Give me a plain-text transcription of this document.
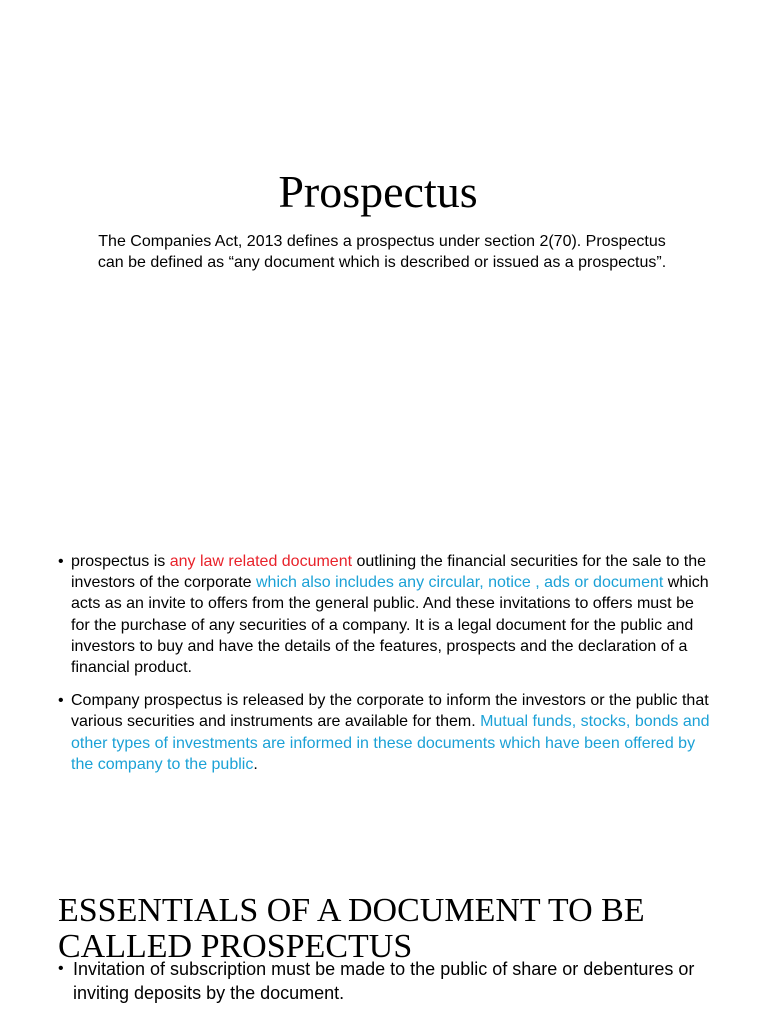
Prospectus
The Companies Act, 2013 defines a prospectus under section 2(70). Prospectus can be defined as “any document which is described or issued as a prospectus”.
• prospectus is any law related document outlining the financial securities for the sale to the investors of the corporate which also includes any circular, notice , ads or document which acts as an invite to offers from the general public. And these invitations to offers must be for the purchase of any securities of a company. It is a legal document for the public and investors to buy and have the details of the features, prospects and the declaration of a financial product.
• Company prospectus is released by the corporate to inform the investors or the public that various securities and instruments are available for them. Mutual funds, stocks, bonds and other types of investments are informed in these documents which have been offered by the company to the public.
ESSENTIALS OF A DOCUMENT TO BE CALLED PROSPECTUS
• Invitation of subscription must be made to the public of share or debentures or inviting deposits by the document.
